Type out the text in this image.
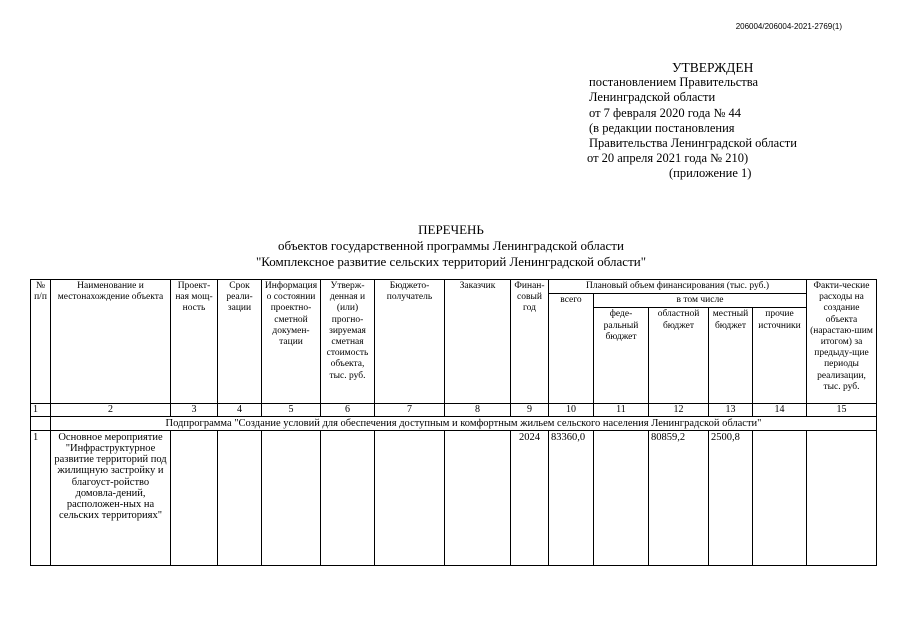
206004/206004-2021-2769(1)
УТВЕРЖДЕН
постановлением Правительства
Ленинградской области
от 7 февраля 2020 года № 44
(в редакции постановления
Правительства Ленинградской области
от 20 апреля 2021 года № 210)
(приложение 1)
ПЕРЕЧЕНЬ
объектов государственной программы Ленинградской области
"Комплексное развитие сельских территорий Ленинградской области"
№ п/п	Наименование и местонахождение объекта	Проект-ная мощ-ность	Срок реали-зации	Информация о состоянии проектно-сметной докумен-тации	Утверж-денная и (или) прогно-зируемая сметная стоимость объекта, тыс. руб.	Бюджето-получатель	Заказчик	Финан-совый год	Плановый объем финансирования (тыс. руб.)					Факти-ческие расходы на создание объекта (нарастаю-шим итогом) за предыду-щие периоды реализации, тыс. руб.
									всего	в том числе				
										феде-ральный бюджет	областной бюджет	местный бюджет	прочие источники	
1	2	3	4	5	6	7	8	9	10	11	12	13	14	15
	Подпрограмма "Создание условий для обеспечения доступным и комфортным жильем сельского населения Ленинградской области"													
1	Основное мероприятие "Инфраструктурное развитие территорий под жилищную застройку и благоуст-ройство домовла-дений, расположен-ных на сельских территориях"							2024	83360,0		80859,2	2500,8		
